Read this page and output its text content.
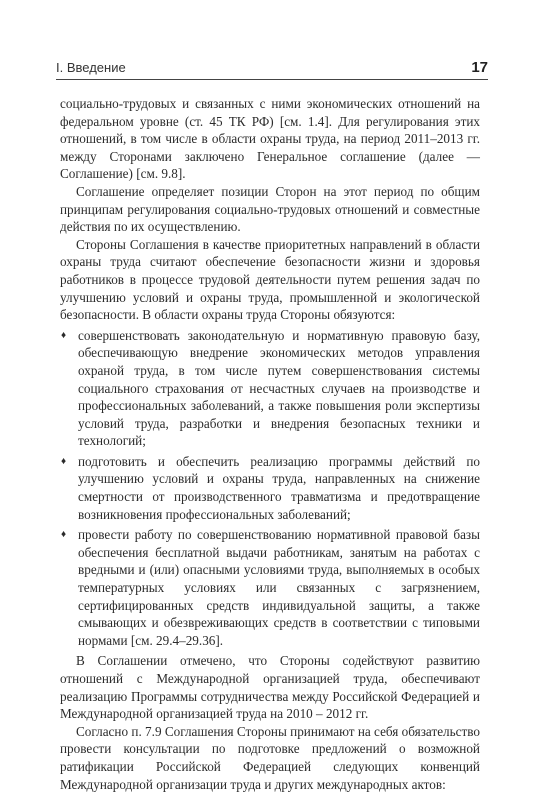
I. Введение	17

социально-трудовых и связанных с ними экономических отношений на федеральном уровне (ст. 45 ТК РФ) [см. 1.4]. Для регулирования этих отношений, в том числе в области охраны труда, на период 2011–2013 гг. между Сторонами заключено Генеральное соглашение (далее — Соглашение) [см. 9.8].

Соглашение определяет позиции Сторон на этот период по общим принципам регулирования социально-трудовых отношений и совместные действия по их осуществлению.

Стороны Соглашения в качестве приоритетных направлений в области охраны труда считают обеспечение безопасности жизни и здоровья работников в процессе трудовой деятельности путем решения задач по улучшению условий и охраны труда, промышленной и экологической безопасности. В области охраны труда Стороны обязуются:

♦ совершенствовать законодательную и нормативную правовую базу, обеспечивающую внедрение экономических методов управления охраной труда, в том числе путем совершенствования системы социального страхования от несчастных случаев на производстве и профессиональных заболеваний, а также повышения роли экспертизы условий труда, разработки и внедрения безопасных техники и технологий;
♦ подготовить и обеспечить реализацию программы действий по улучшению условий и охраны труда, направленных на снижение смертности от производственного травматизма и предотвращение возникновения профессиональных заболеваний;
♦ провести работу по совершенствованию нормативной правовой базы обеспечения бесплатной выдачи работникам, занятым на работах с вредными и (или) опасными условиями труда, выполняемых в особых температурных условиях или связанных с загрязнением, сертифицированных средств индивидуальной защиты, а также смывающих и обезвреживающих средств в соответствии с типовыми нормами [см. 29.4–29.36].

В Соглашении отмечено, что Стороны содействуют развитию отношений с Международной организацией труда, обеспечивают реализацию Программы сотрудничества между Российской Федерацией и Международной организацией труда на 2010 – 2012 гг.

Согласно п. 7.9 Соглашения Стороны принимают на себя обязательство провести консультации по подготовке предложений о возможной ратификации Российской Федерацией следующих конвенций Международной организации труда и других международных актов:
